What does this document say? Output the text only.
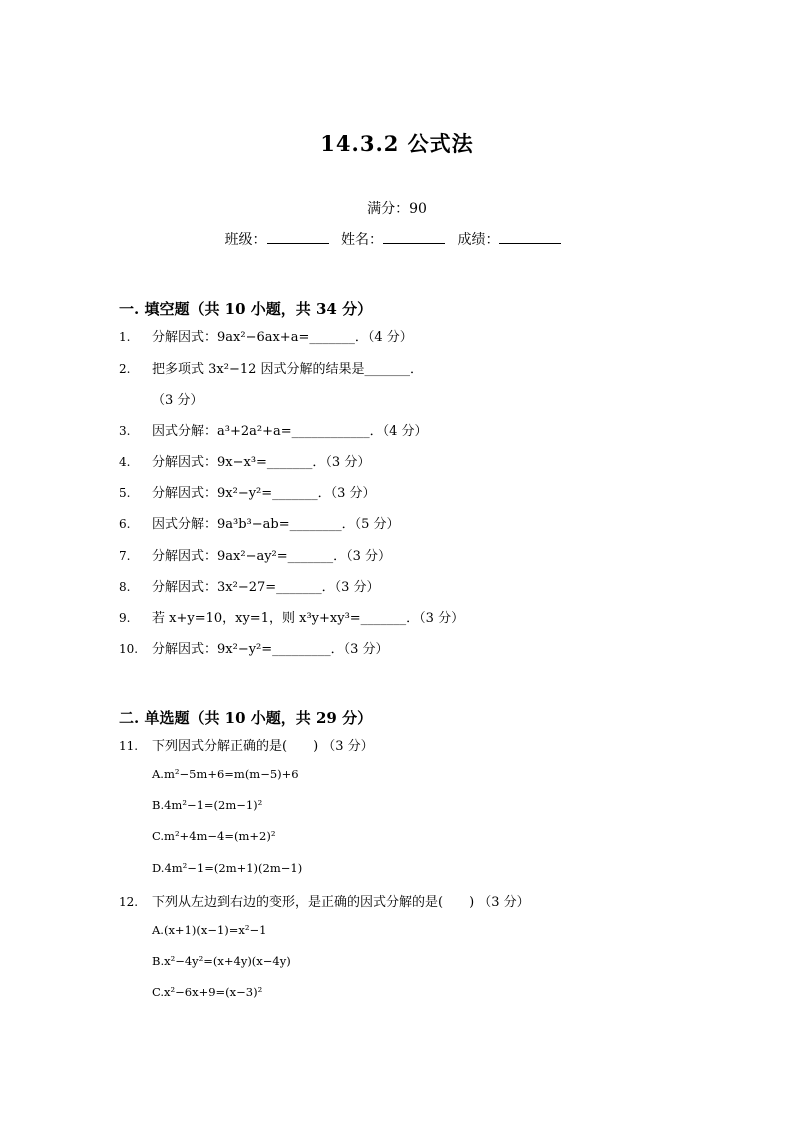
14.3.2 公式法
满分：90
班级：	姓名：	成绩：
一. 填空题（共 10 小题，共 34 分）
1. 分解因式：9ax²−6ax+a=_______．（4 分）
2. 把多项式 3x²−12 因式分解的结果是_______．
（3 分）
3. 因式分解：a³+2a²+a=____________．（4 分）
4. 分解因式：9x−x³=_______．（3 分）
5. 分解因式：9x²−y²=_______．（3 分）
6. 因式分解：9a³b³−ab=________．（5 分）
7. 分解因式：9ax²−ay²=_______．（3 分）
8. 分解因式：3x²−27=_______．（3 分）
9. 若 x+y=10，xy=1，则 x³y+xy³=_______．（3 分）
10. 分解因式：9x²−y²=_________．（3 分）
二. 单选题（共 10 小题，共 29 分）
11. 下列因式分解正确的是(　　) （3 分）
A.m²−5m+6=m(m−5)+6
B.4m²−1=(2m−1)²
C.m²+4m−4=(m+2)²
D.4m²−1=(2m+1)(2m−1)
12. 下列从左边到右边的变形，是正确的因式分解的是(　　) （3 分）
A.(x+1)(x−1)=x²−1
B.x²−4y²=(x+4y)(x−4y)
C.x²−6x+9=(x−3)²
